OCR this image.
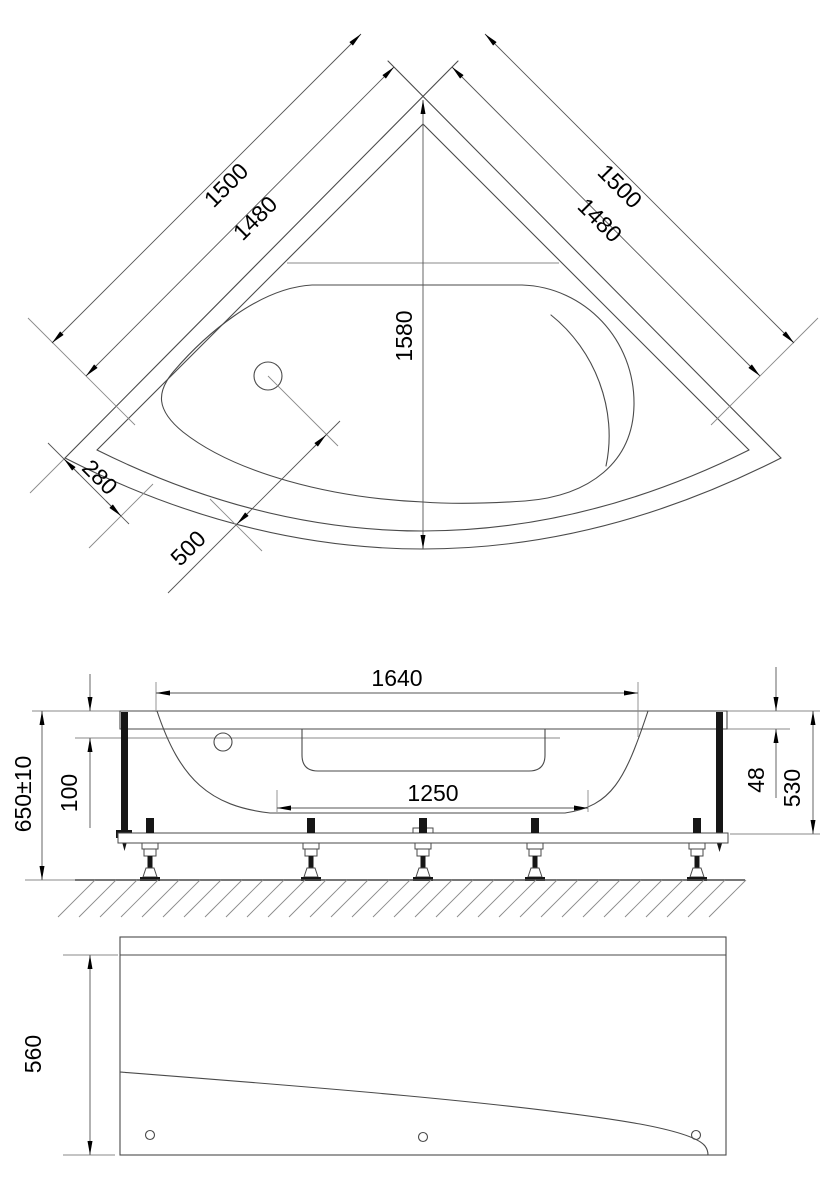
1500
1480
1500
1480
1580
280
500
1640
1250
100
650±10	48 530
560
